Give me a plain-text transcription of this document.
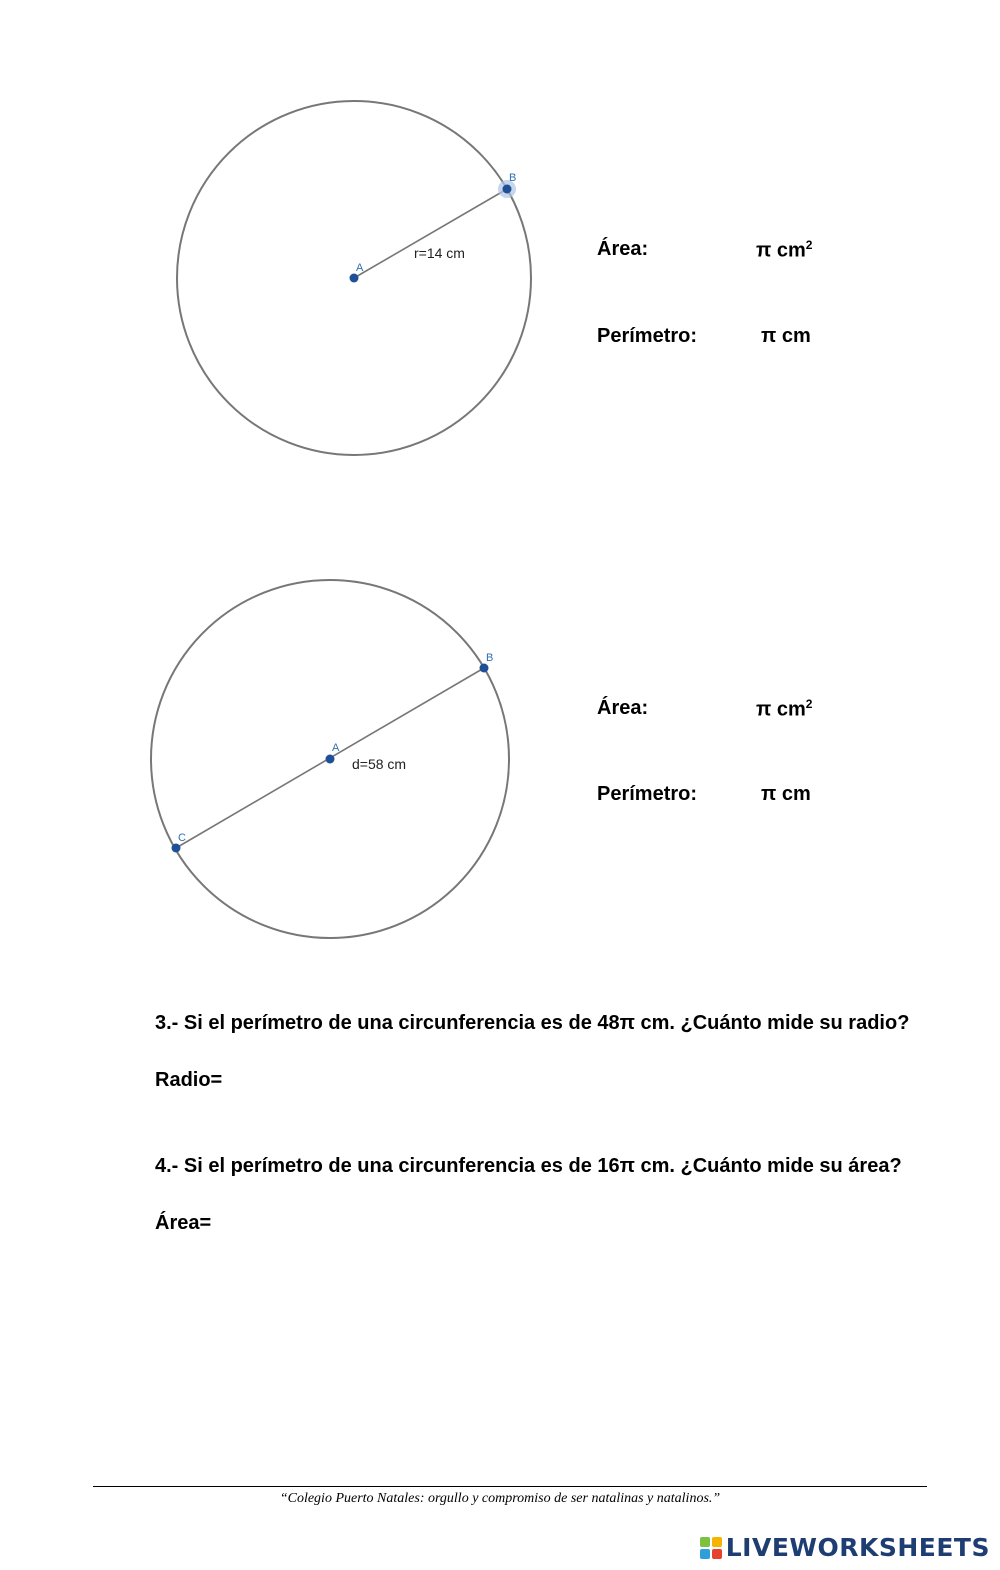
A
B
r=14 cm
C
A
B
d=58 cm
Área:	π $cm^2$
Perímetro:	π cm
Área:	π $cm^2$
Perímetro:	π cm
3.- Si el perímetro de una circunferencia es de 48π cm. ¿Cuánto mide su radio?
Radio=
4.- Si el perímetro de una circunferencia es de 16π cm. ¿Cuánto mide su área?
Área=
“Colegio Puerto Natales: orgullo y compromiso de ser natalinas y natalinos.”
LIVEWORKSHEETS
